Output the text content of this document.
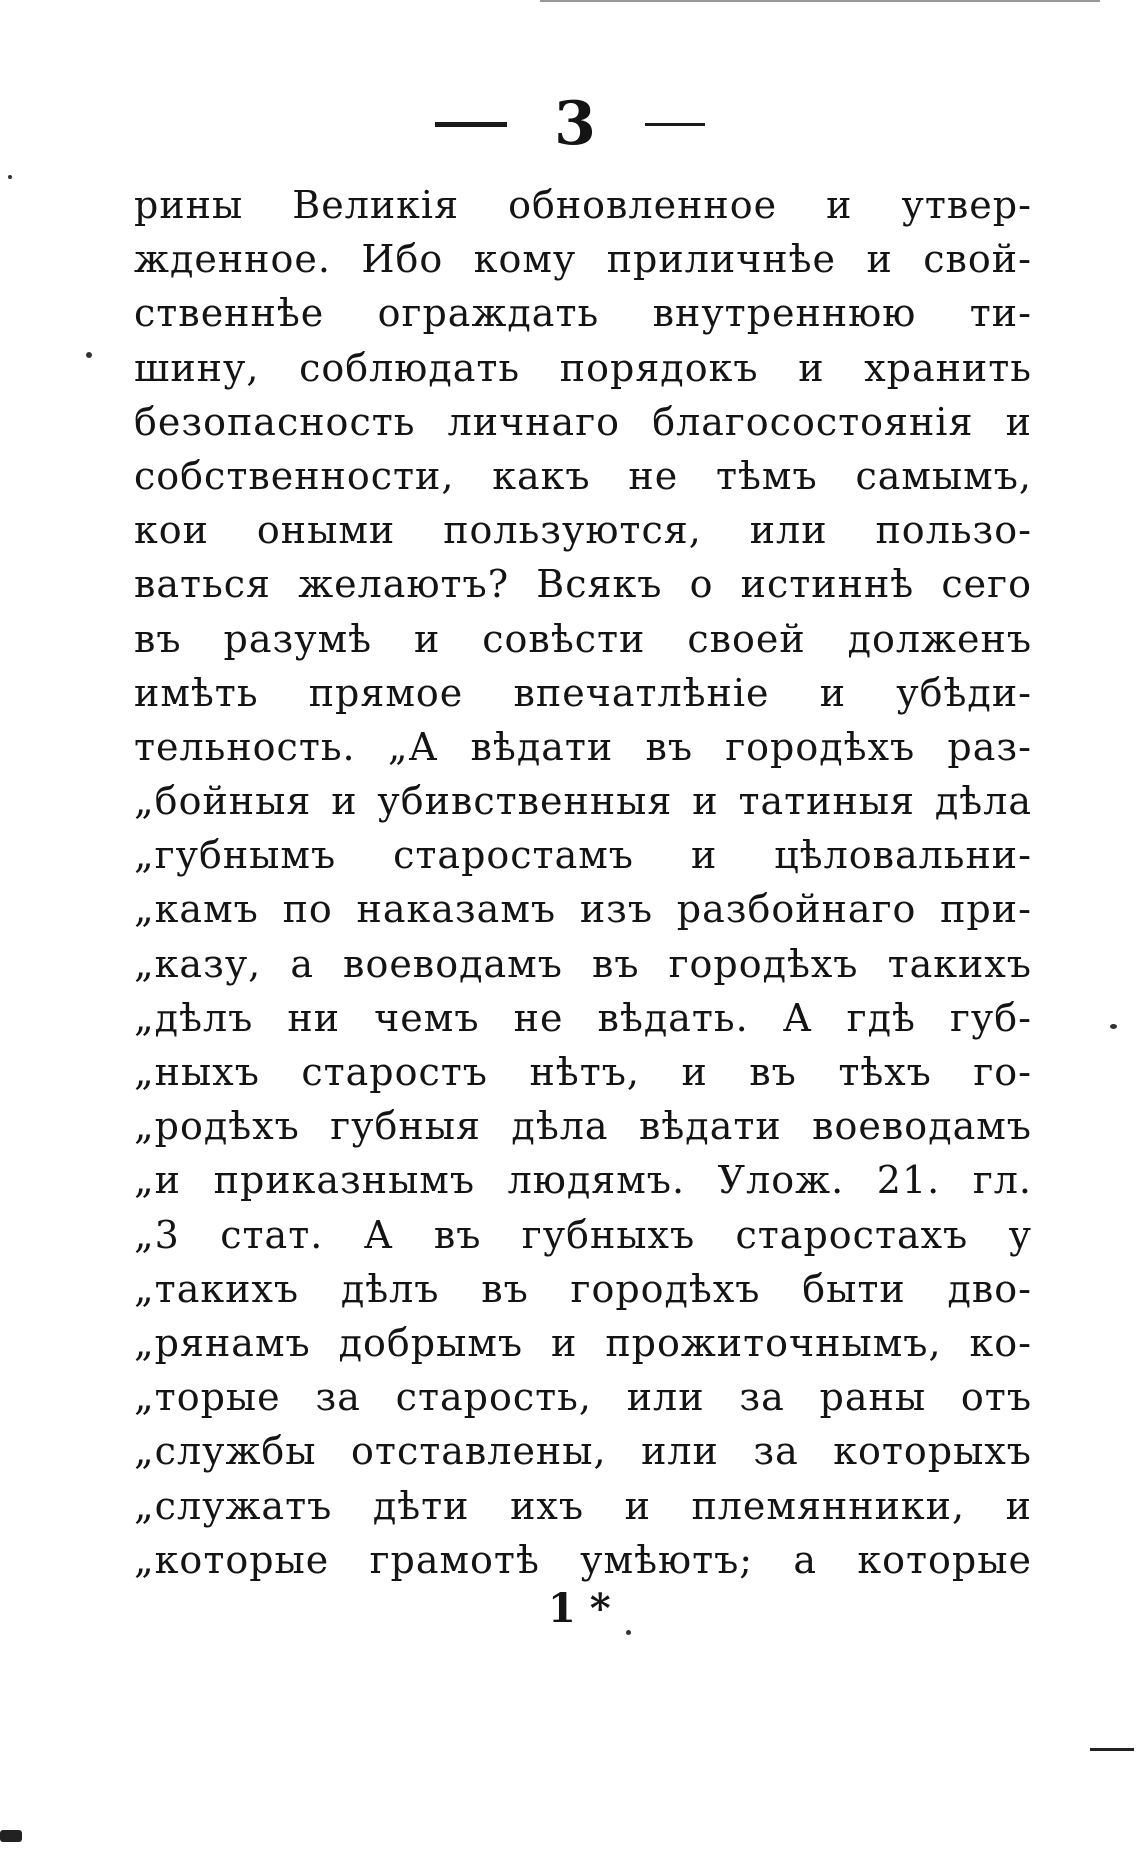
3
рины Великія обновленное и утвер-
жденное. Ибо кому приличнѣе и свой-
ственнѣе ограждать внутреннюю ти-
шину, соблюдать порядокъ и хранить
безопасность личнаго благосостоянія и
собственности, какъ не тѣмъ самымъ,
кои оными пользуются, или пользо-
ваться желаютъ? Всякъ о истиннѣ сего
въ разумѣ и совѣсти своей долженъ
имѣть прямое впечатлѣніе и убѣди-
тельность. „А вѣдати въ городѣхъ раз-
„бойныя и убивственныя и татиныя дѣла
„губнымъ старостамъ и цѣловальни-
„камъ по наказамъ изъ разбойнаго при-
„казу, а воеводамъ въ городѣхъ такихъ
„дѣлъ ни чемъ не вѣдать. А гдѣ губ-
„ныхъ старостъ нѣтъ, и въ тѣхъ го-
„родѣхъ губныя дѣла вѣдати воеводамъ
„и приказнымъ людямъ. Улож. 21. гл.
„3 стат. А въ губныхъ старостахъ у
„такихъ дѣлъ въ городѣхъ быти дво-
„рянамъ добрымъ и прожиточнымъ, ко-
„торые за старость, или за раны отъ
„службы отставлены, или за которыхъ
„служатъ дѣти ихъ и племянники, и
„которые грамотѣ умѣютъ; а которые
1 *
